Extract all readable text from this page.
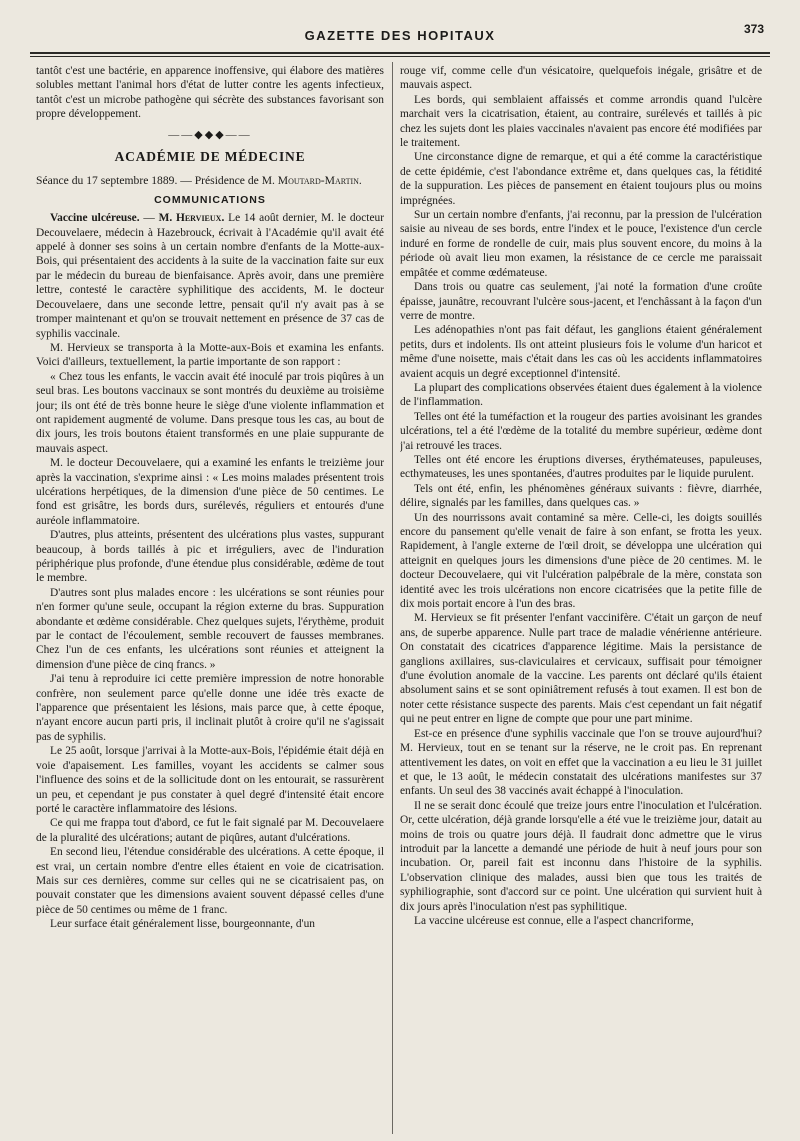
GAZETTE DES HOPITAUX	373

tantôt c'est une bactérie, en apparence inoffensive, qui élabore des matières solubles mettant l'animal hors d'état de lutter contre les agents infectieux, tantôt c'est un microbe pathogène qui sécrète des substances favorisant son propre développement.

——◆◆◆——
ACADÉMIE DE MÉDECINE

Séance du 17 septembre 1889. — Présidence de M. Moutard-Martin.

COMMUNICATIONS

Vaccine ulcéreuse. — M. Hervieux. Le 14 août dernier, M. le docteur Decouvelaere, médecin à Hazebrouck, écrivait à l'Académie qu'il avait été appelé à donner ses soins à un certain nombre d'enfants de la Motte-aux-Bois, qui présentaient des accidents à la suite de la vaccination faite sur eux par le médecin du bureau de bienfaisance. Après avoir, dans une première lettre, contesté le caractère syphilitique des accidents, M. le docteur Decouvelaere, dans une seconde lettre, pensait qu'il n'y avait pas à se tromper maintenant et qu'on se trouvait nettement en présence de 37 cas de syphilis vaccinale.

M. Hervieux se transporta à la Motte-aux-Bois et examina les enfants. Voici d'ailleurs, textuellement, la partie importante de son rapport :

« Chez tous les enfants, le vaccin avait été inoculé par trois piqûres à un seul bras. Les boutons vaccinaux se sont montrés du deuxième au troisième jour; ils ont été de très bonne heure le siège d'une violente inflammation et ont rapidement augmenté de volume. Dans presque tous les cas, au bout de dix jours, les trois boutons étaient transformés en une plaie suppurante de mauvais aspect.

M. le docteur Decouvelaere, qui a examiné les enfants le treizième jour après la vaccination, s'exprime ainsi : « Les moins malades présentent trois ulcérations herpétiques, de la dimension d'une pièce de 50 centimes. Le fond est grisâtre, les bords durs, surélevés, réguliers et entourés d'une auréole inflammatoire.

D'autres, plus atteints, présentent des ulcérations plus vastes, suppurant beaucoup, à bords taillés à pic et irréguliers, avec de l'induration périphérique plus profonde, d'une étendue plus considérable, œdème de tout le membre.

D'autres sont plus malades encore : les ulcérations se sont réunies pour n'en former qu'une seule, occupant la région externe du bras. Suppuration abondante et œdème considérable. Chez quelques sujets, l'érythème, produit par le contact de l'écoulement, semble recouvert de fausses membranes. Chez l'un de ces enfants, les ulcérations sont réunies et atteignent la dimension d'une pièce de cinq francs. »

J'ai tenu à reproduire ici cette première impression de notre honorable confrère, non seulement parce qu'elle donne une idée très exacte de l'apparence que présentaient les lésions, mais parce que, à cette époque, n'ayant encore aucun parti pris, il inclinait plutôt à croire qu'il ne s'agissait pas de syphilis.

Le 25 août, lorsque j'arrivai à la Motte-aux-Bois, l'épidémie était déjà en voie d'apaisement. Les familles, voyant les accidents se calmer sous l'influence des soins et de la sollicitude dont on les entourait, se rassurèrent un peu, et cependant je pus constater à quel degré d'intensité était encore porté le caractère inflammatoire des lésions.

Ce qui me frappa tout d'abord, ce fut le fait signalé par M. Decouvelaere de la pluralité des ulcérations; autant de piqûres, autant d'ulcérations.

En second lieu, l'étendue considérable des ulcérations. A cette époque, il est vrai, un certain nombre d'entre elles étaient en voie de cicatrisation. Mais sur ces dernières, comme sur celles qui ne se cicatrisaient pas, on pouvait constater que les dimensions avaient souvent dépassé celles d'une pièce de 50 centimes ou même de 1 franc.

Leur surface était généralement lisse, bourgeonnante, d'un

rouge vif, comme celle d'un vésicatoire, quelquefois inégale, grisâtre et de mauvais aspect.

Les bords, qui semblaient affaissés et comme arrondis quand l'ulcère marchait vers la cicatrisation, étaient, au contraire, surélevés et taillés à pic chez les sujets dont les plaies vaccinales n'avaient pas encore été modifiées par le traitement.

Une circonstance digne de remarque, et qui a été comme la caractéristique de cette épidémie, c'est l'abondance extrême et, dans quelques cas, la fétidité de la suppuration. Les pièces de pansement en étaient toujours plus ou moins imprégnées.

Sur un certain nombre d'enfants, j'ai reconnu, par la pression de l'ulcération saisie au niveau de ses bords, entre l'index et le pouce, l'existence d'un cercle induré en forme de rondelle de cuir, mais plus souvent encore, du moins à la période où avait lieu mon examen, la résistance de ce cercle me paraissait empâtée et comme œdémateuse.

Dans trois ou quatre cas seulement, j'ai noté la formation d'une croûte épaisse, jaunâtre, recouvrant l'ulcère sous-jacent, et l'enchâssant à la façon d'un verre de montre.

Les adénopathies n'ont pas fait défaut, les ganglions étaient généralement petits, durs et indolents. Ils ont atteint plusieurs fois le volume d'un haricot et même d'une noisette, mais c'était dans les cas où les accidents inflammatoires avaient acquis un degré exceptionnel d'intensité.

La plupart des complications observées étaient dues également à la violence de l'inflammation.

Telles ont été la tuméfaction et la rougeur des parties avoisinant les grandes ulcérations, tel a été l'œdème de la totalité du membre supérieur, œdème dont j'ai retrouvé les traces.

Telles ont été encore les éruptions diverses, érythémateuses, papuleuses, ecthymateuses, les unes spontanées, d'autres produites par le liquide purulent.

Tels ont été, enfin, les phénomènes généraux suivants : fièvre, diarrhée, délire, signalés par les familles, dans quelques cas. »

Un des nourrissons avait contaminé sa mère. Celle-ci, les doigts souillés encore du pansement qu'elle venait de faire à son enfant, se frotta les yeux. Rapidement, à l'angle externe de l'œil droit, se développa une ulcération qui atteignit en quelques jours les dimensions d'une pièce de 20 centimes. M. le docteur Decouvelaere, qui vit l'ulcération palpébrale de la mère, constata son identité avec les trois ulcérations non encore cicatrisées que la petite fille de dix mois portait encore à l'un des bras.

M. Hervieux se fit présenter l'enfant vaccinifère. C'était un garçon de neuf ans, de superbe apparence. Nulle part trace de maladie vénérienne antérieure. On constatait des cicatrices d'apparence légitime. Mais la persistance de ganglions axillaires, sus-claviculaires et cervicaux, suffisait pour témoigner d'une évolution anomale de la vaccine. Les parents ont déclaré qu'ils étaient absolument sains et se sont opiniâtrement refusés à tout examen. Il est bon de noter cette résistance suspecte des parents. Mais c'est cependant un fait négatif qui ne peut entrer en ligne de compte que pour une part minime.

Est-ce en présence d'une syphilis vaccinale que l'on se trouve aujourd'hui? M. Hervieux, tout en se tenant sur la réserve, ne le croit pas. En reprenant attentivement les dates, on voit en effet que la vaccination a eu lieu le 31 juillet et que, le 13 août, le médecin constatait des ulcérations manifestes sur 37 enfants. Un seul des 38 vaccinés avait échappé à l'inoculation.

Il ne se serait donc écoulé que treize jours entre l'inoculation et l'ulcération. Or, cette ulcération, déjà grande lorsqu'elle a été vue le treizième jour, datait au moins de trois ou quatre jours déjà. Il faudrait donc admettre que le virus introduit par la lancette a demandé une période de huit à neuf jours pour son incubation. Or, pareil fait est inconnu dans l'histoire de la syphilis. L'observation clinique des malades, aussi bien que tous les traités de syphiliographie, sont d'accord sur ce point. Une ulcération qui survient huit à dix jours après l'inoculation n'est pas syphilitique.

La vaccine ulcéreuse est connue, elle a l'aspect chancriforme,
